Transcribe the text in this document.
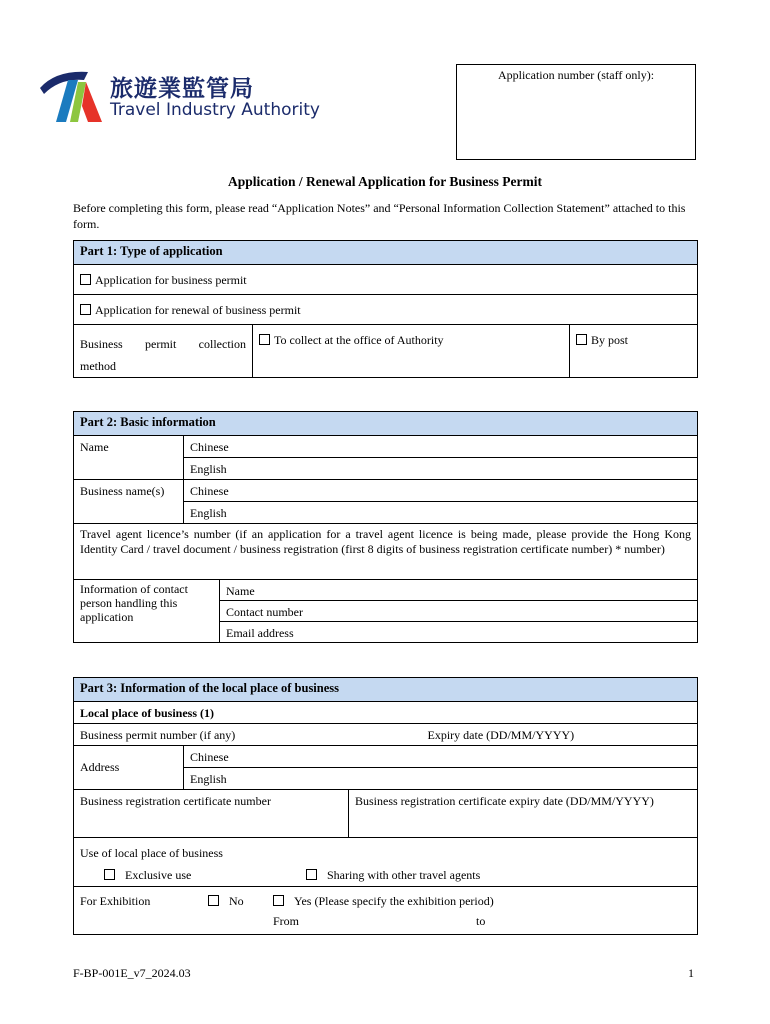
旅遊業監管局
Travel Industry Authority
Application number (staff only):
Application / Renewal Application for Business Permit
Before completing this form, please read “Application Notes” and “Personal Information Collection Statement” attached to this form.
Part 1: Type of application
Application for business permit
Application for renewal of business permit
Business permit collection method	To collect at the office of Authority	By post
Part 2: Basic information		
Name	Chinese	
	English	
Business name(s)	Chinese	
	English	
Travel agent licence’s number (if an application for a travel agent licence is being made, please provide the Hong Kong Identity Card / travel document / business registration (first 8 digits of business registration certificate number) * number)		
Information of contact person handling this application		Name
		Contact number
		Email address
Part 3: Information of the local place of business		
Local place of business (1)		
Business permit number (if any) Expiry date (DD/MM/YYYY)		

Address	Chinese	
	English	
Business registration certificate number		Business registration certificate expiry date (DD/MM/YYYY)

Use of local place of business
Exclusive use Sharing with other travel agents		

For Exhibition No Yes (Please specify the exhibition period)
From to		
F-BP-001E_v7_2024.03	1
